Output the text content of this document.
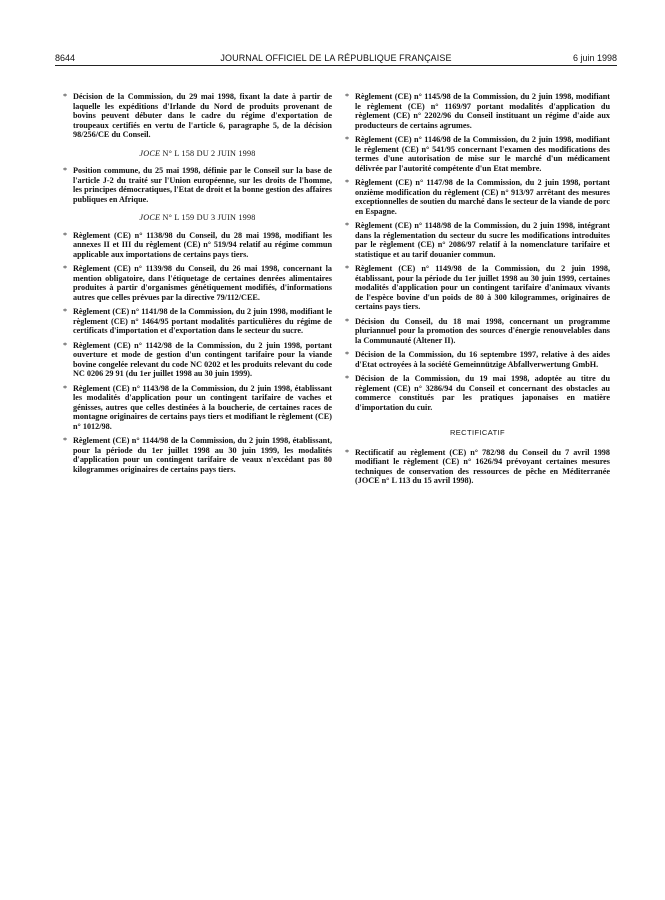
8644	JOURNAL OFFICIEL DE LA RÉPUBLIQUE FRANÇAISE	6 juin 1998
* Décision de la Commission, du 29 mai 1998, fixant la date à partir de laquelle les expéditions d'Irlande du Nord de produits provenant de bovins peuvent débuter dans le cadre du régime d'exportation de troupeaux certifiés en vertu de l'article 6, paragraphe 5, de la décision 98/256/CE du Conseil.
JOCE N° L 158 DU 2 JUIN 1998
* Position commune, du 25 mai 1998, définie par le Conseil sur la base de l'article J-2 du traité sur l'Union européenne, sur les droits de l'homme, les principes démocratiques, l'Etat de droit et la bonne gestion des affaires publiques en Afrique.
JOCE N° L 159 DU 3 JUIN 1998
* Règlement (CE) n° 1138/98 du Conseil, du 28 mai 1998, modifiant les annexes II et III du règlement (CE) n° 519/94 relatif au régime commun applicable aux importations de certains pays tiers.
* Règlement (CE) n° 1139/98 du Conseil, du 26 mai 1998, concernant la mention obligatoire, dans l'étiquetage de certaines denrées alimentaires produites à partir d'organismes génétiquement modifiés, d'informations autres que celles prévues par la directive 79/112/CEE.
* Règlement (CE) n° 1141/98 de la Commission, du 2 juin 1998, modifiant le règlement (CE) n° 1464/95 portant modalités particulières du régime de certificats d'importation et d'exportation dans le secteur du sucre.
* Règlement (CE) n° 1142/98 de la Commission, du 2 juin 1998, portant ouverture et mode de gestion d'un contingent tarifaire pour la viande bovine congelée relevant du code NC 0202 et les produits relevant du code NC 0206 29 91 (du 1er juillet 1998 au 30 juin 1999).
* Règlement (CE) n° 1143/98 de la Commission, du 2 juin 1998, établissant les modalités d'application pour un contingent tarifaire de vaches et génisses, autres que celles destinées à la boucherie, de certaines races de montagne originaires de certains pays tiers et modifiant le règlement (CE) n° 1012/98.
* Règlement (CE) n° 1144/98 de la Commission, du 2 juin 1998, établissant, pour la période du 1er juillet 1998 au 30 juin 1999, les modalités d'application pour un contingent tarifaire de veaux n'excédant pas 80 kilogrammes originaires de certains pays tiers.
* Règlement (CE) n° 1145/98 de la Commission, du 2 juin 1998, modifiant le règlement (CE) n° 1169/97 portant modalités d'application du règlement (CE) n° 2202/96 du Conseil instituant un régime d'aide aux producteurs de certains agrumes.
* Règlement (CE) n° 1146/98 de la Commission, du 2 juin 1998, modifiant le règlement (CE) n° 541/95 concernant l'examen des modifications des termes d'une autorisation de mise sur le marché d'un médicament délivrée par l'autorité compétente d'un Etat membre.
* Règlement (CE) n° 1147/98 de la Commission, du 2 juin 1998, portant onzième modification du règlement (CE) n° 913/97 arrêtant des mesures exceptionnelles de soutien du marché dans le secteur de la viande de porc en Espagne.
* Règlement (CE) n° 1148/98 de la Commission, du 2 juin 1998, intégrant dans la réglementation du secteur du sucre les modifications introduites par le règlement (CE) n° 2086/97 relatif à la nomenclature tarifaire et statistique et au tarif douanier commun.
* Règlement (CE) n° 1149/98 de la Commission, du 2 juin 1998, établissant, pour la période du 1er juillet 1998 au 30 juin 1999, certaines modalités d'application pour un contingent tarifaire d'animaux vivants de l'espèce bovine d'un poids de 80 à 300 kilogrammes, originaires de certains pays tiers.
* Décision du Conseil, du 18 mai 1998, concernant un programme pluriannuel pour la promotion des sources d'énergie renouvelables dans la Communauté (Altener II).
* Décision de la Commission, du 16 septembre 1997, relative à des aides d'Etat octroyées à la société Gemeinnützige Abfallverwertung GmbH.
* Décision de la Commission, du 19 mai 1998, adoptée au titre du règlement (CE) n° 3286/94 du Conseil et concernant des obstacles au commerce constitués par les pratiques japonaises en matière d'importation du cuir.
RECTIFICATIF
* Rectificatif au règlement (CE) n° 782/98 du Conseil du 7 avril 1998 modifiant le règlement (CE) n° 1626/94 prévoyant certaines mesures techniques de conservation des ressources de pêche en Méditerranée (JOCE n° L 113 du 15 avril 1998).
